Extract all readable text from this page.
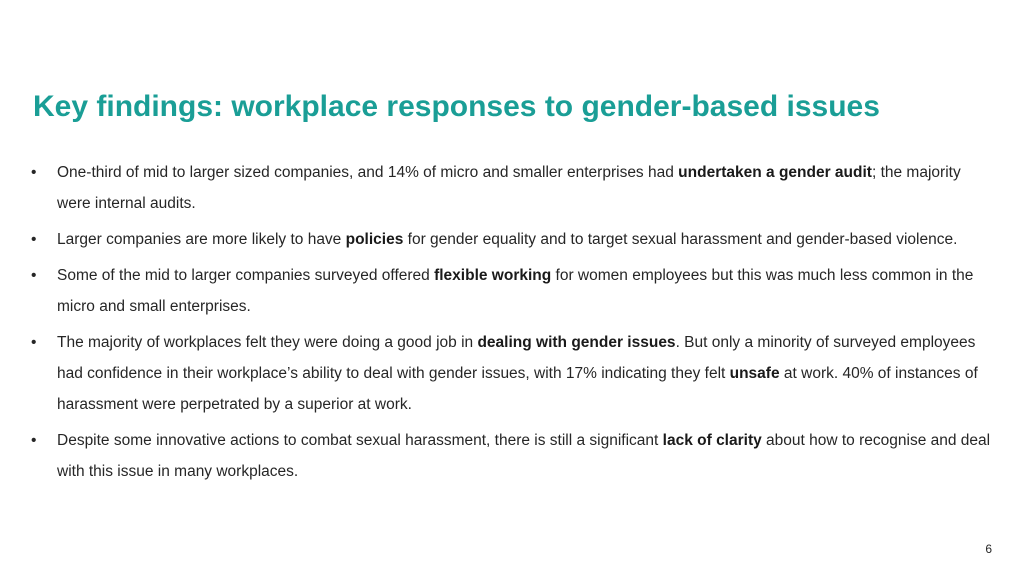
Key findings: workplace responses to gender-based issues
• One-third of mid to larger sized companies, and 14% of micro and smaller enterprises had undertaken a gender audit; the majority were internal audits.
• Larger companies are more likely to have policies for gender equality and to target sexual harassment and gender-based violence.
• Some of the mid to larger companies surveyed offered flexible working for women employees but this was much less common in the micro and small enterprises.
• The majority of workplaces felt they were doing a good job in dealing with gender issues. But only a minority of surveyed employees had confidence in their workplace’s ability to deal with gender issues, with 17% indicating they felt unsafe at work. 40% of instances of harassment were perpetrated by a superior at work.
• Despite some innovative actions to combat sexual harassment, there is still a significant lack of clarity about how to recognise and deal with this issue in many workplaces.
6
